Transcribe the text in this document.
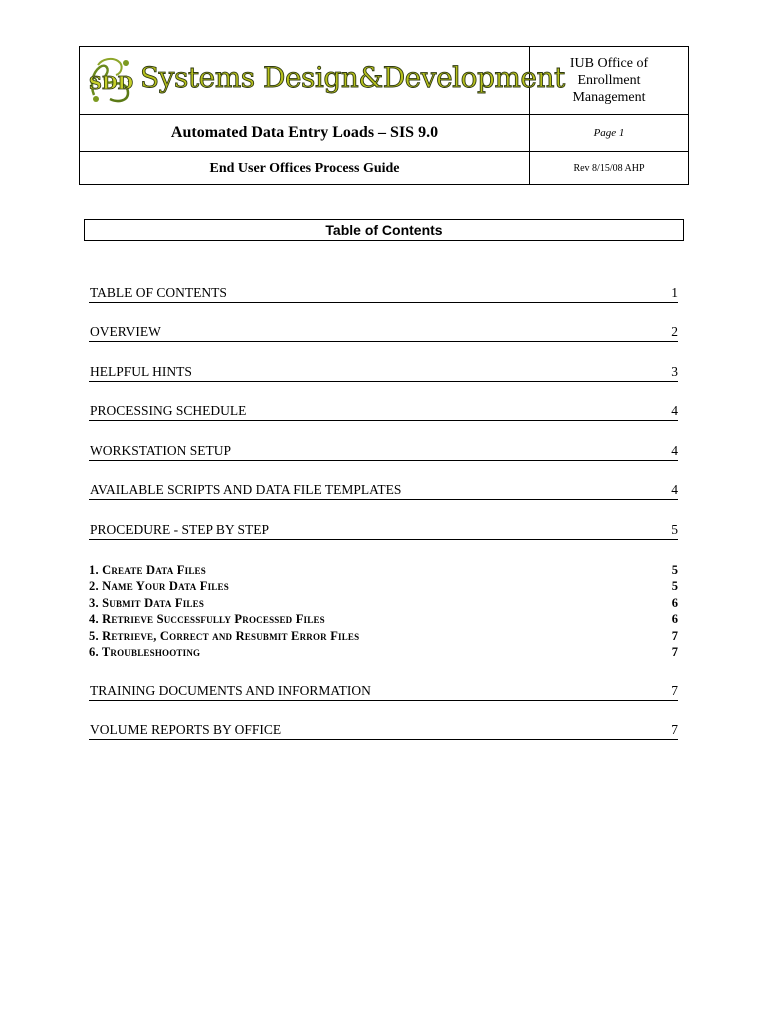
SDD Systems Design&Development IUB Office of Enrollment Management
Automated Data Entry Loads – SIS 9.0	Page 1
End User Offices Process Guide	Rev 8/15/08 AHP
Table of Contents
TABLE OF CONTENTS	1
OVERVIEW	2
HELPFUL HINTS	3
PROCESSING SCHEDULE	4
WORKSTATION SETUP	4
AVAILABLE SCRIPTS AND DATA FILE TEMPLATES	4
PROCEDURE - STEP BY STEP	5
1. Create Data Files	5
2. Name Your Data Files	5
3. Submit Data Files	6
4. Retrieve Successfully Processed Files	6
5. Retrieve, Correct and Resubmit Error Files	7
6. Troubleshooting	7
TRAINING DOCUMENTS AND INFORMATION	7
VOLUME REPORTS BY OFFICE	7
